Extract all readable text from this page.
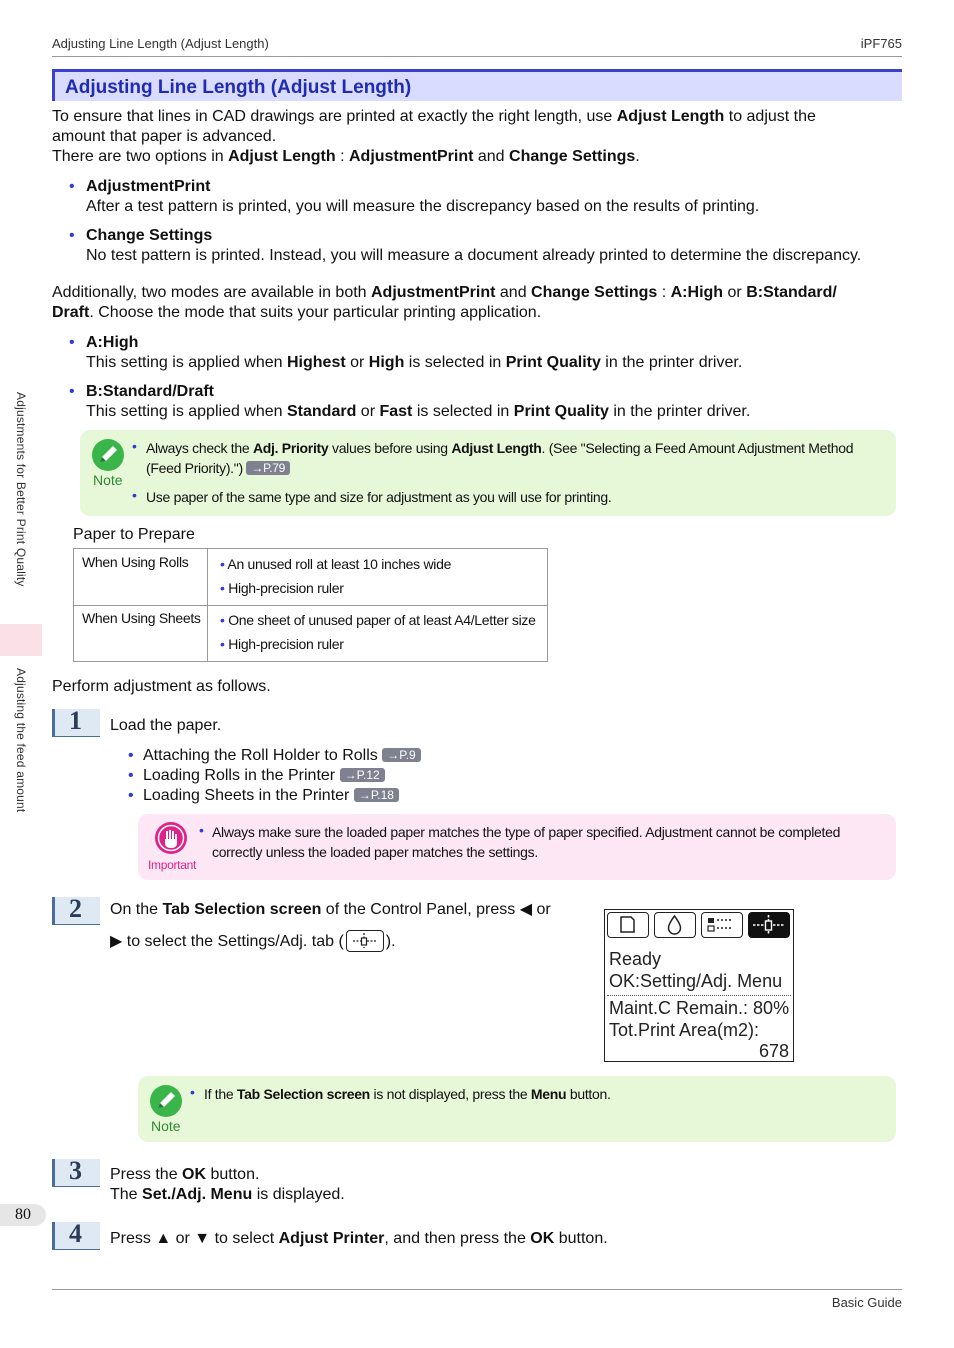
Adjusting Line Length (Adjust Length)	iPF765
Adjustments for Better Print Quality
Adjusting the feed amount
80
Adjusting Line Length (Adjust Length)
To ensure that lines in CAD drawings are printed at exactly the right length, use Adjust Length to adjust the
amount that paper is advanced.
There are two options in Adjust Length : AdjustmentPrint and Change Settings.
• AdjustmentPrint
After a test pattern is printed, you will measure the discrepancy based on the results of printing.
• Change Settings
No test pattern is printed. Instead, you will measure a document already printed to determine the discrepancy.
Additionally, two modes are available in both AdjustmentPrint and Change Settings : A:High or B:Standard/
Draft. Choose the mode that suits your particular printing application.
• A:High
This setting is applied when Highest or High is selected in Print Quality in the printer driver.
• B:Standard/Draft
This setting is applied when Standard or Fast is selected in Print Quality in the printer driver.
Note
• Always check the Adj. Priority values before using Adjust Length. (See "Selecting a Feed Amount Adjustment Method
(Feed Priority).") →P.79
• Use paper of the same type and size for adjustment as you will use for printing.
Paper to Prepare
When Using Rolls	• An unused roll at least 10 inches wide
• High-precision ruler

When Using Sheets	• One sheet of unused paper of at least A4/Letter size
• High-precision ruler
Perform adjustment as follows.
1 Load the paper.
• Attaching the Roll Holder to Rolls →P.9
• Loading Rolls in the Printer →P.12
• Loading Sheets in the Printer →P.18
Important
• Always make sure the loaded paper matches the type of paper specified. Adjustment cannot be completed
correctly unless the loaded paper matches the settings.
2 On the Tab Selection screen of the Control Panel, press ◀ or
▶ to select the Settings/Adj. tab (	).
Ready
OK:Setting/Adj. Menu
Maint.C Remain.: 80%
Tot.Print Area(m2):
678
Note
• If the Tab Selection screen is not displayed, press the Menu button.
3 Press the OK button.
The Set./Adj. Menu is displayed.
4 Press ▲ or ▼ to select Adjust Printer, and then press the OK button.
Basic Guide
